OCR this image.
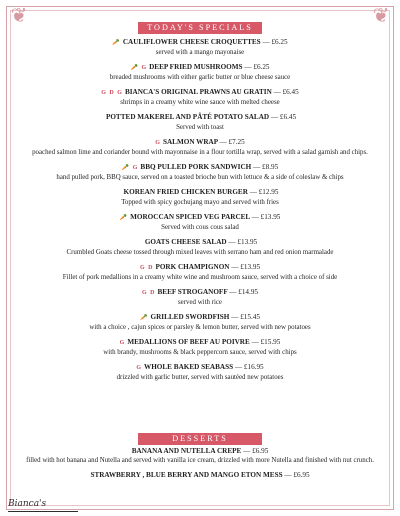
❦	❦
TODAY'S SPECIALS
🥕 CAULIFLOWER CHEESE CROQUETTES — £6.25
served with a mango mayonaise
🥕 G DEEP FRIED MUSHROOMS — £6.25
breaded mushrooms with either garlic butter or blue cheese sauce
G D G BIANCA'S ORIGINAL PRAWNS AU GRATIN — £6.45
shrimps in a creamy white wine sauce with melted cheese
POTTED MAKEREL AND PÂTÉ POTATO SALAD — £6.45
Served with toast
G SALMON WRAP — £7.25
poached salmon lime and coriander bound with mayonnaise in a flour tortilla wrap, served with a salad garnish and chips.
🥕 G BBQ PULLED PORK SANDWICH — £8.95
hand pulled pork, BBQ sauce, served on a toasted brioche bun with lettuce & a side of coleslaw & chips
KOREAN FRIED CHICKEN BURGER — £12.95
Topped with spicy gochujang mayo and served with fries
🥕 MOROCCAN SPICED VEG PARCEL — £13.95
Served with cous cous salad
GOATS CHEESE SALAD — £13.95
Crumbled Goats cheese tossed through mixed leaves with serrano ham and red onion marmalade
G D PORK CHAMPIGNON — £13.95
Fillet of pork medallions in a creamy white wine and mushroom sauce, served with a choice of side
G D BEEF STROGANOFF — £14.95
served with rice
🥕 GRILLED SWORDFISH — £15.45
with a choice , cajun spices or parsley & lemon butter, served with new potatoes
G MEDALLIONS OF BEEF AU POIVRE — £15.95
with brandy, mushrooms & black peppercorn sauce, served with chips
G WHOLE BAKED SEABASS — £16.95
drizzled with garlic butter, served with sautéed new potatoes
DESSERTS
BANANA AND NUTELLA CREPE — £6.95
filled with hot banana and Nutella and served with vanilla ice cream, drizzled with more Nutella and finished with nut crunch.
STRAWBERRY , BLUE BERRY AND MANGO ETON MESS — £6.95
Bianca's
